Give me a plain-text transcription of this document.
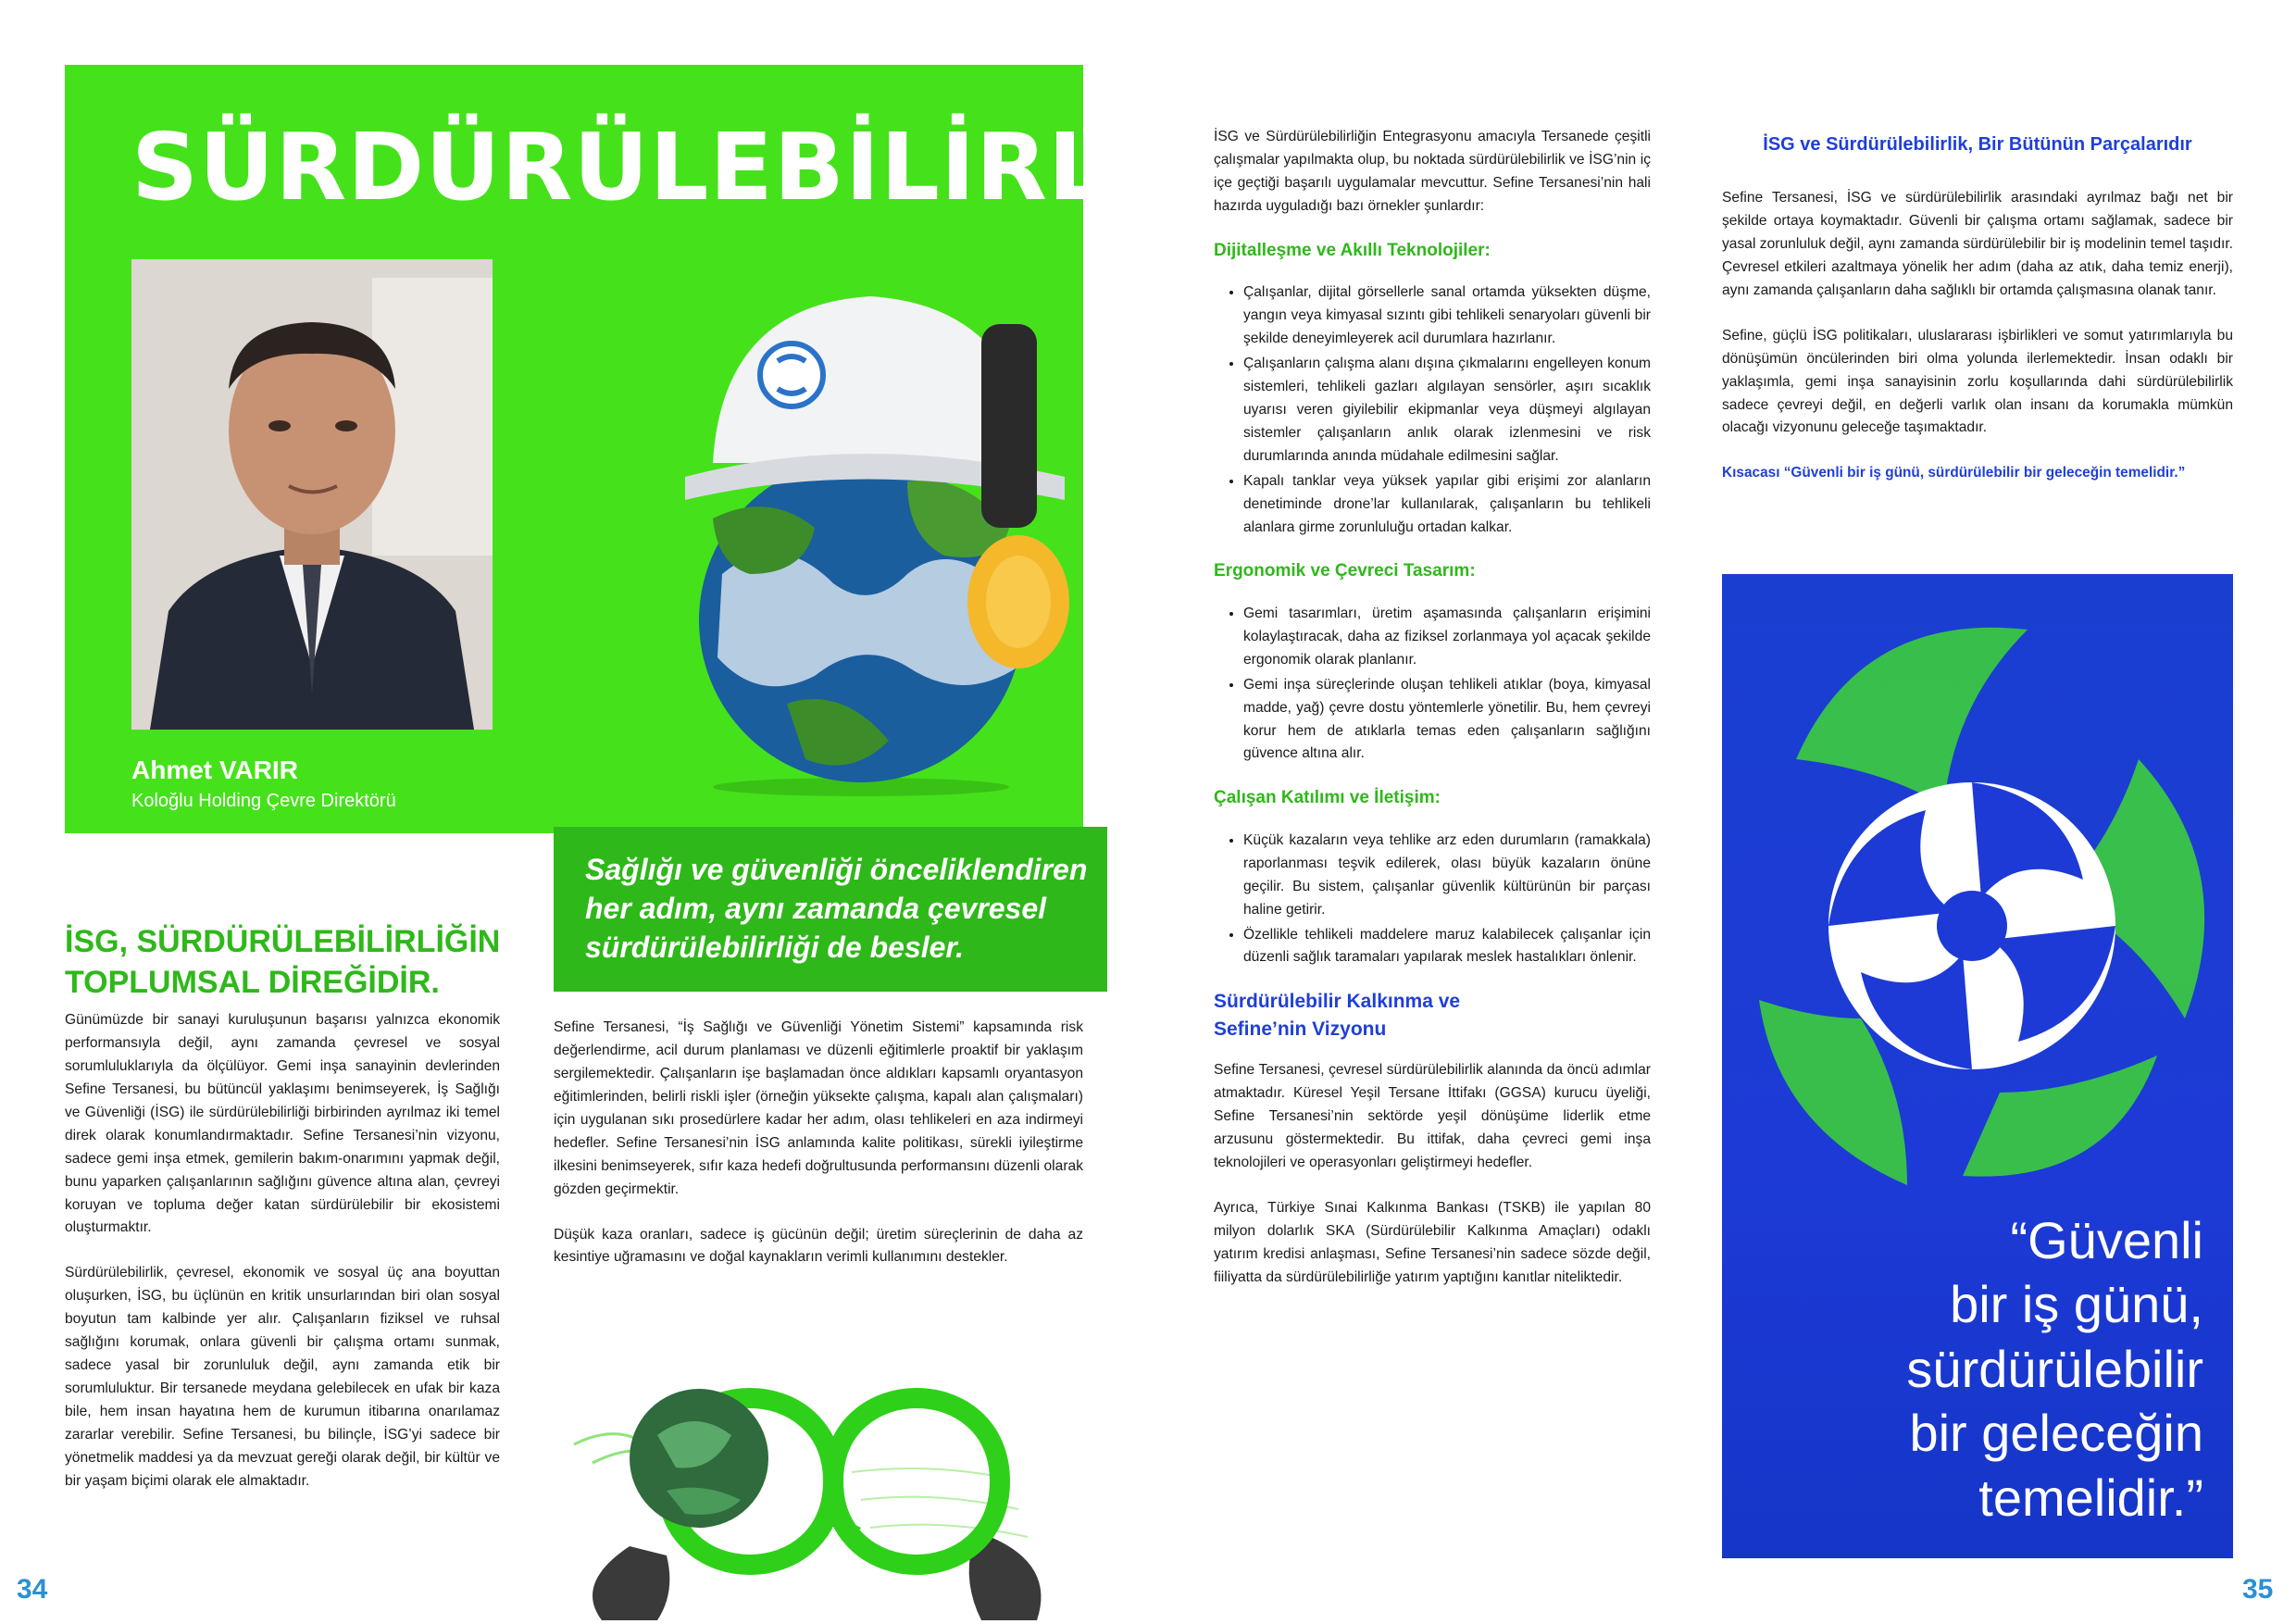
SÜRDÜRÜLEBİLİRLİK
Ahmet VARIR
Koloğlu Holding Çevre Direktörü
Sağlığı ve güvenliği önceliklendiren her adım, aynı zamanda çevresel sürdürülebilirliği de besler.
İSG, SÜRDÜRÜLEBİLİRLİĞİN TOPLUMSAL DİREĞİDİR.

Günümüzde bir sanayi kuruluşunun başarısı yalnızca ekonomik performansıyla değil, aynı zamanda çevresel ve sosyal sorumluluklarıyla da ölçülüyor. Gemi inşa sanayinin devlerinden Sefine Tersanesi, bu bütüncül yaklaşımı benimseyerek, İş Sağlığı ve Güvenliği (İSG) ile sürdürülebilirliği birbirinden ayrılmaz iki temel direk olarak konumlandırmaktadır. Sefine Tersanesi’nin vizyonu, sadece gemi inşa etmek, gemilerin bakım-onarımını yapmak değil, bunu yaparken çalışanlarının sağlığını güvence altına alan, çevreyi koruyan ve topluma değer katan sürdürülebilir bir ekosistemi oluşturmaktır.

Sürdürülebilirlik, çevresel, ekonomik ve sosyal üç ana boyuttan oluşurken, İSG, bu üçlünün en kritik unsurlarından biri olan sosyal boyutun tam kalbinde yer alır. Çalışanların fiziksel ve ruhsal sağlığını korumak, onlara güvenli bir çalışma ortamı sunmak, sadece yasal bir zorunluluk değil, aynı zamanda etik bir sorumluluktur. Bir tersanede meydana gelebilecek en ufak bir kaza bile, hem insan hayatına hem de kurumun itibarına onarılamaz zararlar verebilir. Sefine Tersanesi, bu bilinçle, İSG’yi sadece bir yönetmelik maddesi ya da mevzuat gereği olarak değil, bir kültür ve bir yaşam biçimi olarak ele almaktadır.

Sefine Tersanesi, “İş Sağlığı ve Güvenliği Yönetim Sistemi” kapsamında risk değerlendirme, acil durum planlaması ve düzenli eğitimlerle proaktif bir yaklaşım sergilemektedir. Çalışanların işe başlamadan önce aldıkları kapsamlı oryantasyon eğitimlerinden, belirli riskli işler (örneğin yüksekte çalışma, kapalı alan çalışmaları) için uygulanan sıkı prosedürlere kadar her adım, olası tehlikeleri en aza indirmeyi hedefler. Sefine Tersanesi’nin İSG anlamında kalite politikası, sürekli iyileştirme ilkesini benimseyerek, sıfır kaza hedefi doğrultusunda performansını düzenli olarak gözden geçirmektir.

Düşük kaza oranları, sadece iş gücünün değil; üretim süreçlerinin de daha az kesintiye uğramasını ve doğal kaynakların verimli kullanımını destekler.

34

İSG ve Sürdürülebilirliğin Entegrasyonu amacıyla Tersanede çeşitli çalışmalar yapılmakta olup, bu noktada sürdürülebilirlik ve İSG’nin iç içe geçtiği başarılı uygulamalar mevcuttur. Sefine Tersanesi’nin hali hazırda uyguladığı bazı örnekler şunlardır:

Dijitalleşme ve Akıllı Teknolojiler:
• Çalışanlar, dijital görsellerle sanal ortamda yüksekten düşme, yangın veya kimyasal sızıntı gibi tehlikeli senaryoları güvenli bir şekilde deneyimleyerek acil durumlara hazırlanır.
• Çalışanların çalışma alanı dışına çıkmalarını engelleyen konum sistemleri, tehlikeli gazları algılayan sensörler, aşırı sıcaklık uyarısı veren giyilebilir ekipmanlar veya düşmeyi algılayan sistemler çalışanların anlık olarak izlenmesini ve risk durumlarında anında müdahale edilmesini sağlar.
• Kapalı tanklar veya yüksek yapılar gibi erişimi zor alanların denetiminde drone’lar kullanılarak, çalışanların bu tehlikeli alanlara girme zorunluluğu ortadan kalkar.
Ergonomik ve Çevreci Tasarım:
• Gemi tasarımları, üretim aşamasında çalışanların erişimini kolaylaştıracak, daha az fiziksel zorlanmaya yol açacak şekilde ergonomik olarak planlanır.
• Gemi inşa süreçlerinde oluşan tehlikeli atıklar (boya, kimyasal madde, yağ) çevre dostu yöntemlerle yönetilir. Bu, hem çevreyi korur hem de atıklarla temas eden çalışanların sağlığını güvence altına alır.
Çalışan Katılımı ve İletişim:
• Küçük kazaların veya tehlike arz eden durumların (ramakkala) raporlanması teşvik edilerek, olası büyük kazaların önüne geçilir. Bu sistem, çalışanlar güvenlik kültürünün bir parçası haline getirir.
• Özellikle tehlikeli maddelere maruz kalabilecek çalışanlar için düzenli sağlık taramaları yapılarak meslek hastalıkları önlenir.
Sürdürülebilir Kalkınma ve Sefine’nin Vizyonu

Sefine Tersanesi, çevresel sürdürülebilirlik alanında da öncü adımlar atmaktadır. Küresel Yeşil Tersane İttifakı (GGSA) kurucu üyeliği, Sefine Tersanesi’nin sektörde yeşil dönüşüme liderlik etme arzusunu göstermektedir. Bu ittifak, daha çevreci gemi inşa teknolojileri ve operasyonları geliştirmeyi hedefler.

Ayrıca, Türkiye Sınai Kalkınma Bankası (TSKB) ile yapılan 80 milyon dolarlık SKA (Sürdürülebilir Kalkınma Amaçları) odaklı yatırım kredisi anlaşması, Sefine Tersanesi’nin sadece sözde değil, fiiliyatta da sürdürülebilirliğe yatırım yaptığını kanıtlar niteliktedir.

İSG ve Sürdürülebilirlik, Bir Bütünün Parçalarıdır

Sefine Tersanesi, İSG ve sürdürülebilirlik arasındaki ayrılmaz bağı net bir şekilde ortaya koymaktadır. Güvenli bir çalışma ortamı sağlamak, sadece bir yasal zorunluluk değil, aynı zamanda sürdürülebilir bir iş modelinin temel taşıdır. Çevresel etkileri azaltmaya yönelik her adım (daha az atık, daha temiz enerji), aynı zamanda çalışanların daha sağlıklı bir ortamda çalışmasına olanak tanır.

Sefine, güçlü İSG politikaları, uluslararası işbirlikleri ve somut yatırımlarıyla bu dönüşümün öncülerinden biri olma yolunda ilerlemektedir. İnsan odaklı bir yaklaşımla, gemi inşa sanayisinin zorlu koşullarında dahi sürdürülebilirlik sadece çevreyi değil, en değerli varlık olan insanı da korumakla mümkün olacağı vizyonunu geleceğe taşımaktadır.

Kısacası “Güvenli bir iş günü, sürdürülebilir bir geleceğin temelidir.”

“Güvenli
bir iş günü,
sürdürülebilir
bir geleceğin
temelidir.”
35
